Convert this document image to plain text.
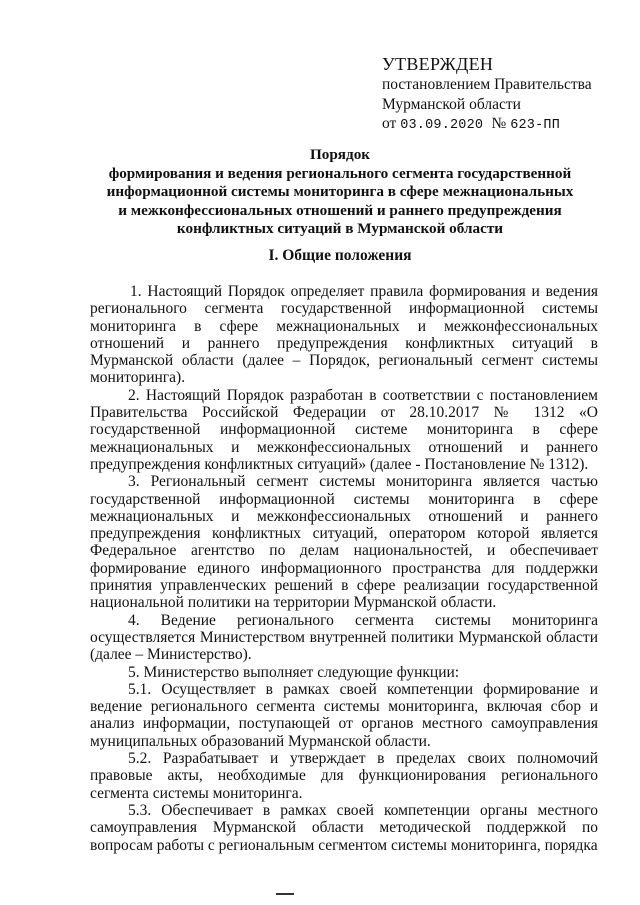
УТВЕРЖДЕН
постановлением Правительства
Мурманской области
от 03.09.2020 № 623-ПП
Порядок
формирования и ведения регионального сегмента государственной
информационной системы мониторинга в сфере межнациональных
и межконфессиональных отношений и раннего предупреждения
конфликтных ситуаций в Мурманской области
I. Общие положения

1. Настоящий Порядок определяет правила формирования и ведения регионального сегмента государственной информационной системы мониторинга в сфере межнациональных и межконфессиональных отношений и раннего предупреждения конфликтных ситуаций в Мурманской области (далее – Порядок, региональный сегмент системы мониторинга).

2. Настоящий Порядок разработан в соответствии с постановлением Правительства Российской Федерации от 28.10.2017 № 1312 «О государственной информационной системе мониторинга в сфере межнациональных и межконфессиональных отношений и раннего предупреждения конфликтных ситуаций» (далее - Постановление № 1312).

3. Региональный сегмент системы мониторинга является частью государственной информационной системы мониторинга в сфере межнациональных и межконфессиональных отношений и раннего предупреждения конфликтных ситуаций, оператором которой является Федеральное агентство по делам национальностей, и обеспечивает формирование единого информационного пространства для поддержки принятия управленческих решений в сфере реализации государственной национальной политики на территории Мурманской области.

4. Ведение регионального сегмента системы мониторинга осуществляется Министерством внутренней политики Мурманской области (далее – Министерство).

5. Министерство выполняет следующие функции:

5.1. Осуществляет в рамках своей компетенции формирование и ведение регионального сегмента системы мониторинга, включая сбор и анализ информации, поступающей от органов местного самоуправления муниципальных образований Мурманской области.

5.2. Разрабатывает и утверждает в пределах своих полномочий правовые акты, необходимые для функционирования регионального сегмента системы мониторинга.

5.3. Обеспечивает в рамках своей компетенции органы местного самоуправления Мурманской области методической поддержкой по вопросам работы с региональным сегментом системы мониторинга, порядка
